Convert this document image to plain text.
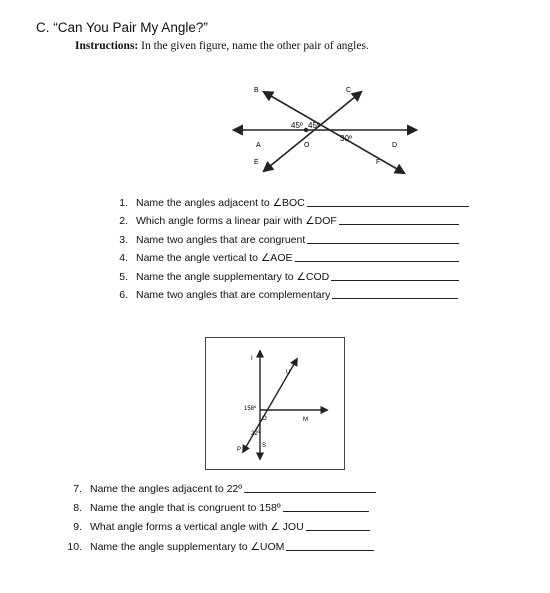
C. “Can You Pair My Angle?”
Instructions: In the given figure, name the other pair of angles.
B	C
A	O	D
E	F
45º 45º
30º
1. Name the angles adjacent to ∠BOC
2. Which angle forms a linear pair with ∠DOF
3. Name two angles that are congruent
4. Name the angle vertical to ∠AOE
5. Name the angle supplementary to ∠COD
6. Name two angles that are complementary
I
U
O	M
P
S
158º
22º
7. Name the angles adjacent to 22º
8. Name the angle that is congruent to 158º
9. What angle forms a vertical angle with ∠ JOU
10. Name the angle supplementary to ∠UOM
